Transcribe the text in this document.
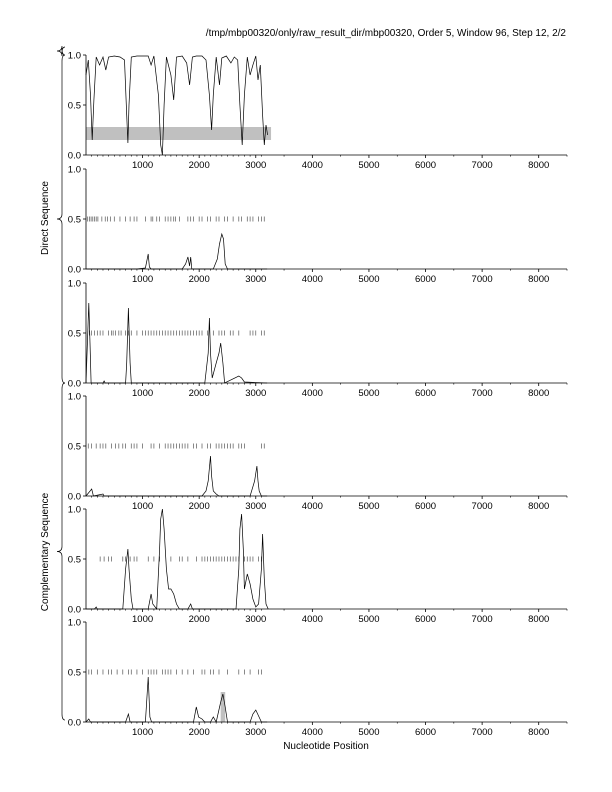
/tmp/mbp00320/only/raw_result_dir/mbp00320, Order 5, Window 96, Step 12, 2/2
0.0
0.5
1.0
1000	2000	3000	4000	5000	6000	7000	8000
0.0
0.5
1.0
1000	2000	3000	4000	5000	6000	7000	8000
0.0
0.5
1.0
1000	2000	3000	4000	5000	6000	7000	8000
0.0
0.5
1.0
1000	2000	3000	4000	5000	6000	7000	8000
0.0
0.5
1.0
1000	2000	3000	4000	5000	6000	7000	8000
0.0
0.5
1.0
1000	2000	3000	4000	5000	6000	7000	8000
Direct Sequence
Complementary Sequence
Nucleotide Position
